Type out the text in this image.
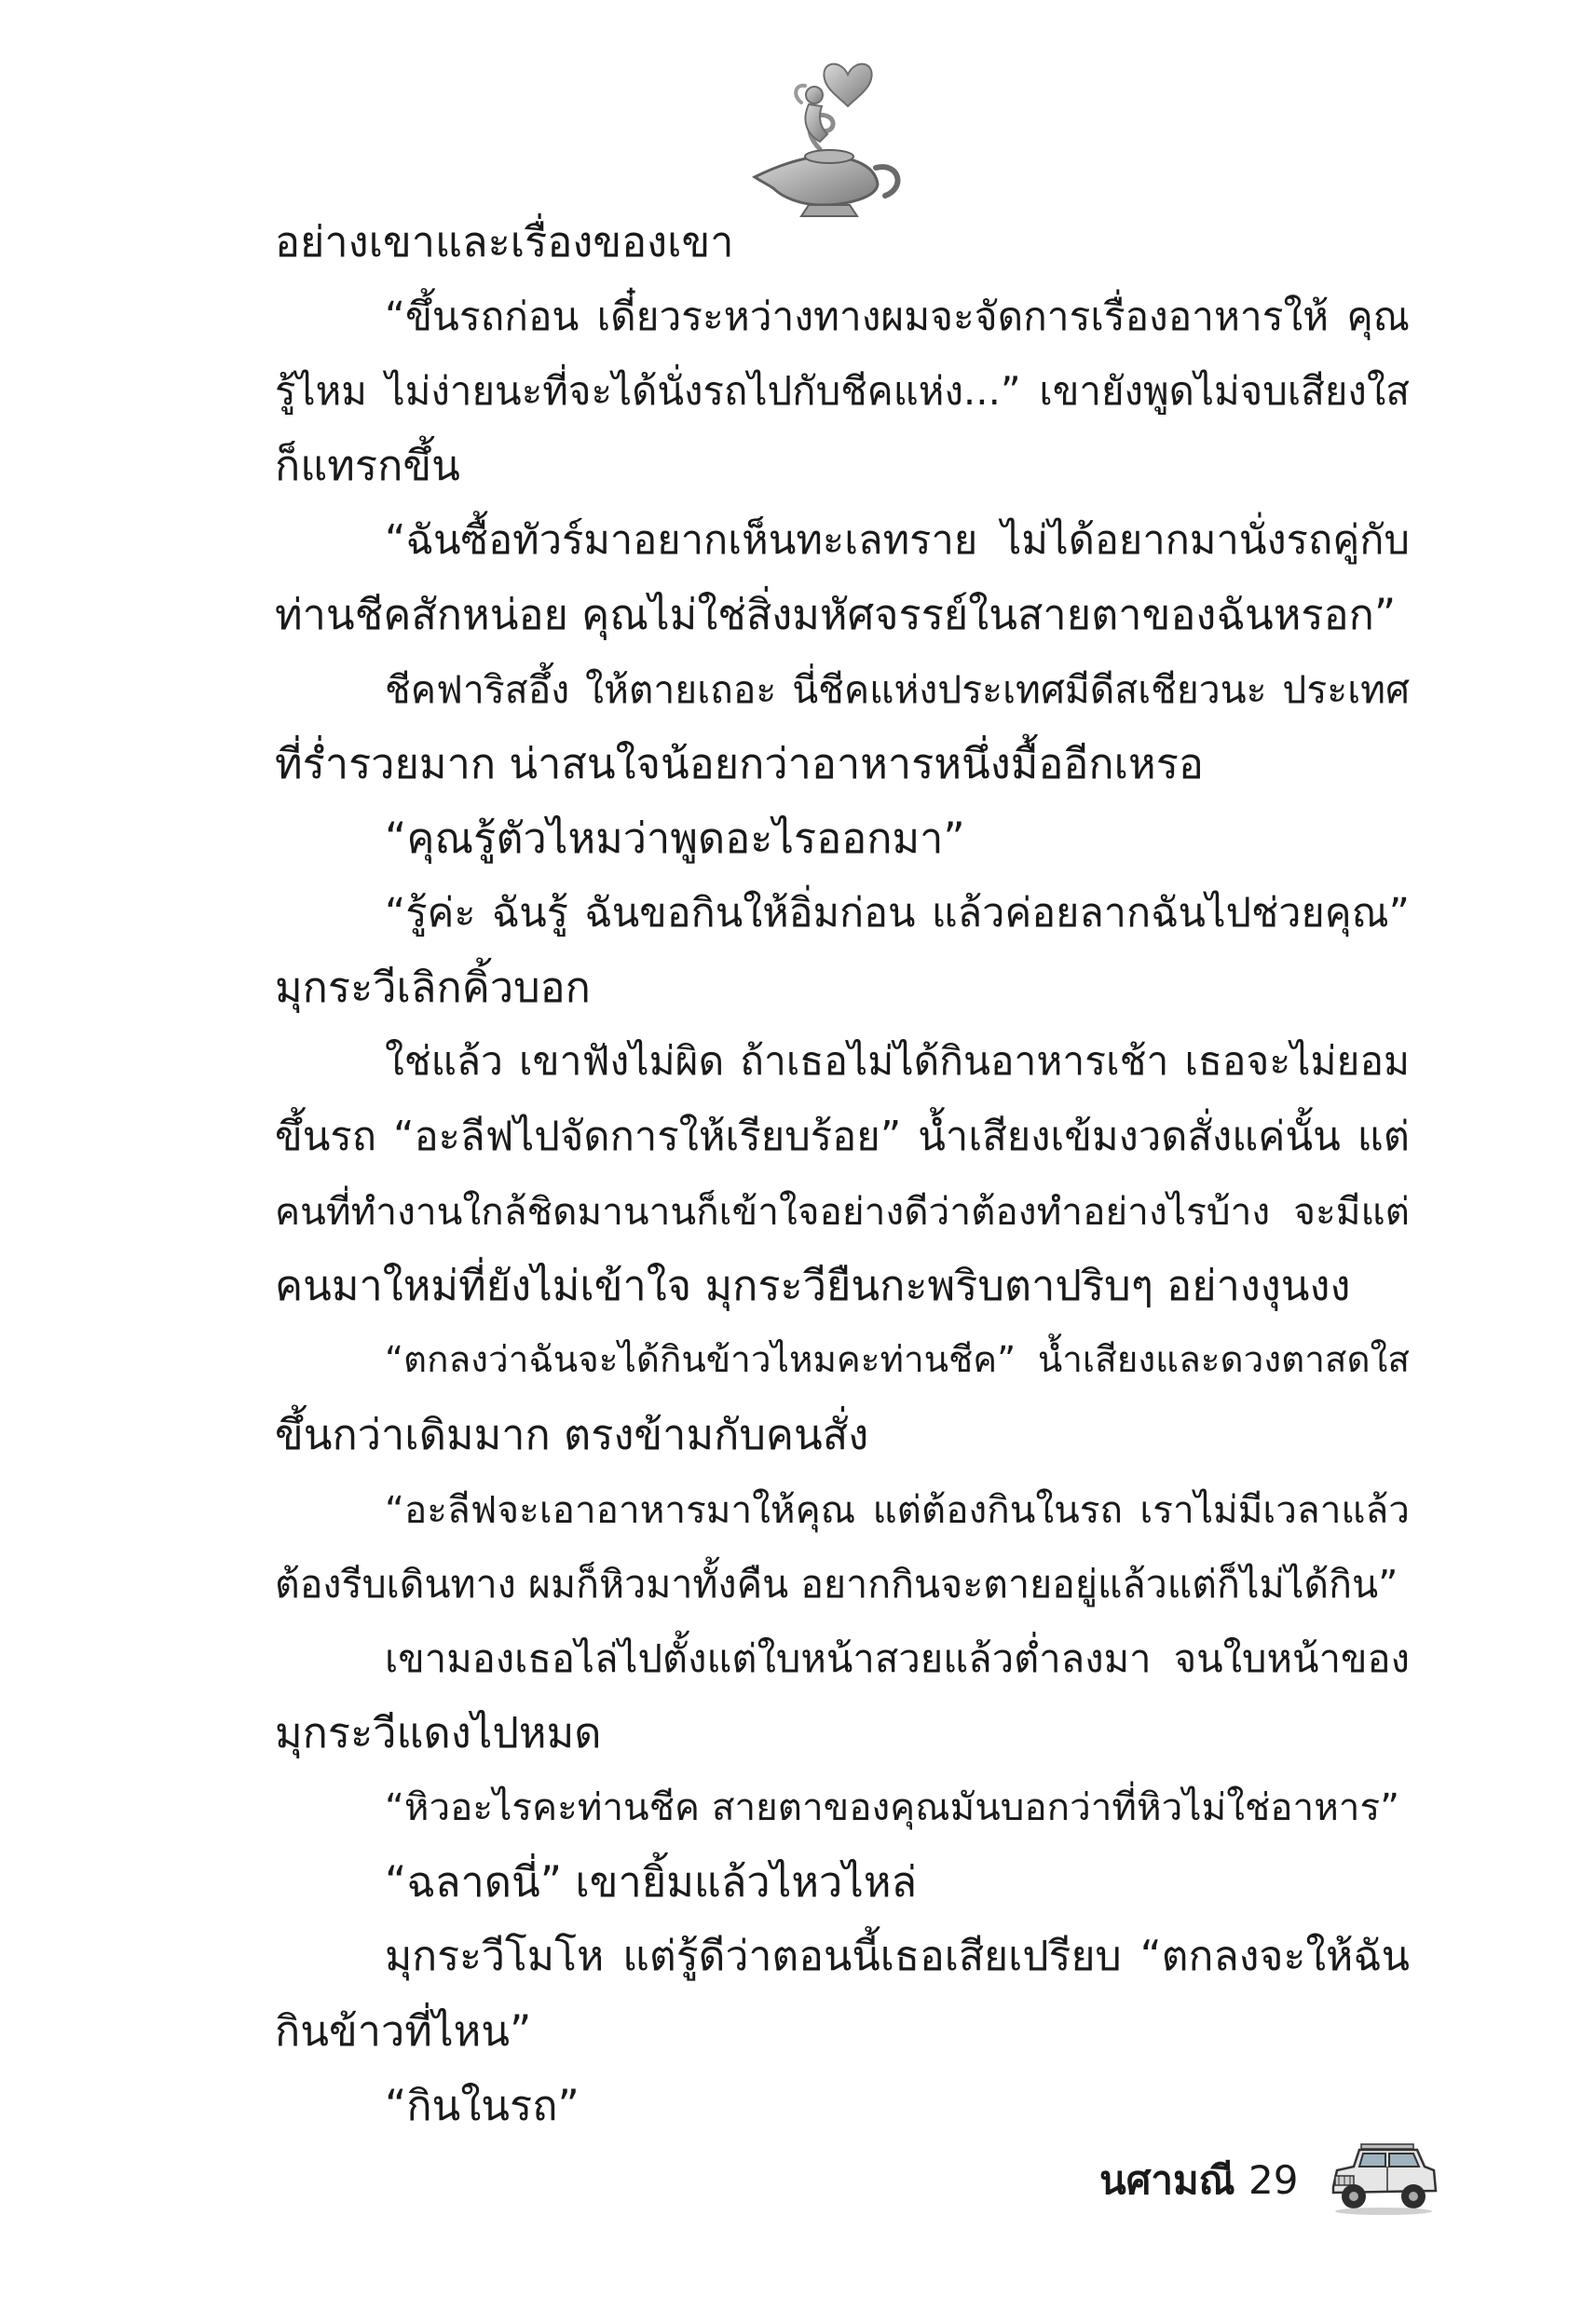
อย่างเขาและเรื่องของเขา
“ขึ้นรถก่อน เดี๋ยวระหว่างทางผมจะจัดการเรื่องอาหารให้ คุณ
รู้ไหม ไม่ง่ายนะที่จะได้นั่งรถไปกับชีคแห่ง...” เขายังพูดไม่จบเสียงใส
ก็แทรกขึ้น
“ฉันซื้อทัวร์มาอยากเห็นทะเลทราย ไม่ได้อยากมานั่งรถคู่กับ
ท่านชีคสักหน่อย คุณไม่ใช่สิ่งมหัศจรรย์ในสายตาของฉันหรอก”
ชีคฟาริสอึ้ง ให้ตายเถอะ นี่ชีคแห่งประเทศมีดีสเชียวนะ ประเทศ
ที่ร่ำรวยมาก น่าสนใจน้อยกว่าอาหารหนึ่งมื้ออีกเหรอ
“คุณรู้ตัวไหมว่าพูดอะไรออกมา”
“รู้ค่ะ ฉันรู้ ฉันขอกินให้อิ่มก่อน แล้วค่อยลากฉันไปช่วยคุณ”
มุกระวีเลิกคิ้วบอก
ใช่แล้ว เขาฟังไม่ผิด ถ้าเธอไม่ได้กินอาหารเช้า เธอจะไม่ยอม
ขึ้นรถ “อะลีฟไปจัดการให้เรียบร้อย” น้ำเสียงเข้มงวดสั่งแค่นั้น แต่
คนที่ทำงานใกล้ชิดมานานก็เข้าใจอย่างดีว่าต้องทำอย่างไรบ้าง จะมีแต่
คนมาใหม่ที่ยังไม่เข้าใจ มุกระวียืนกะพริบตาปริบๆ อย่างงุนงง
“ตกลงว่าฉันจะได้กินข้าวไหมคะท่านชีค” น้ำเสียงและดวงตาสดใส
ขึ้นกว่าเดิมมาก ตรงข้ามกับคนสั่ง
“อะลีฟจะเอาอาหารมาให้คุณ แต่ต้องกินในรถ เราไม่มีเวลาแล้ว
ต้องรีบเดินทาง ผมก็หิวมาทั้งคืน อยากกินจะตายอยู่แล้วแต่ก็ไม่ได้กิน”
เขามองเธอไล่ไปตั้งแต่ใบหน้าสวยแล้วต่ำลงมา จนใบหน้าของ
มุกระวีแดงไปหมด
“หิวอะไรคะท่านชีค สายตาของคุณมันบอกว่าที่หิวไม่ใช่อาหาร”
“ฉลาดนี่” เขายิ้มแล้วไหวไหล่
มุกระวีโมโห แต่รู้ดีว่าตอนนี้เธอเสียเปรียบ “ตกลงจะให้ฉัน
กินข้าวที่ไหน”
“กินในรถ”
นศามณี 29
